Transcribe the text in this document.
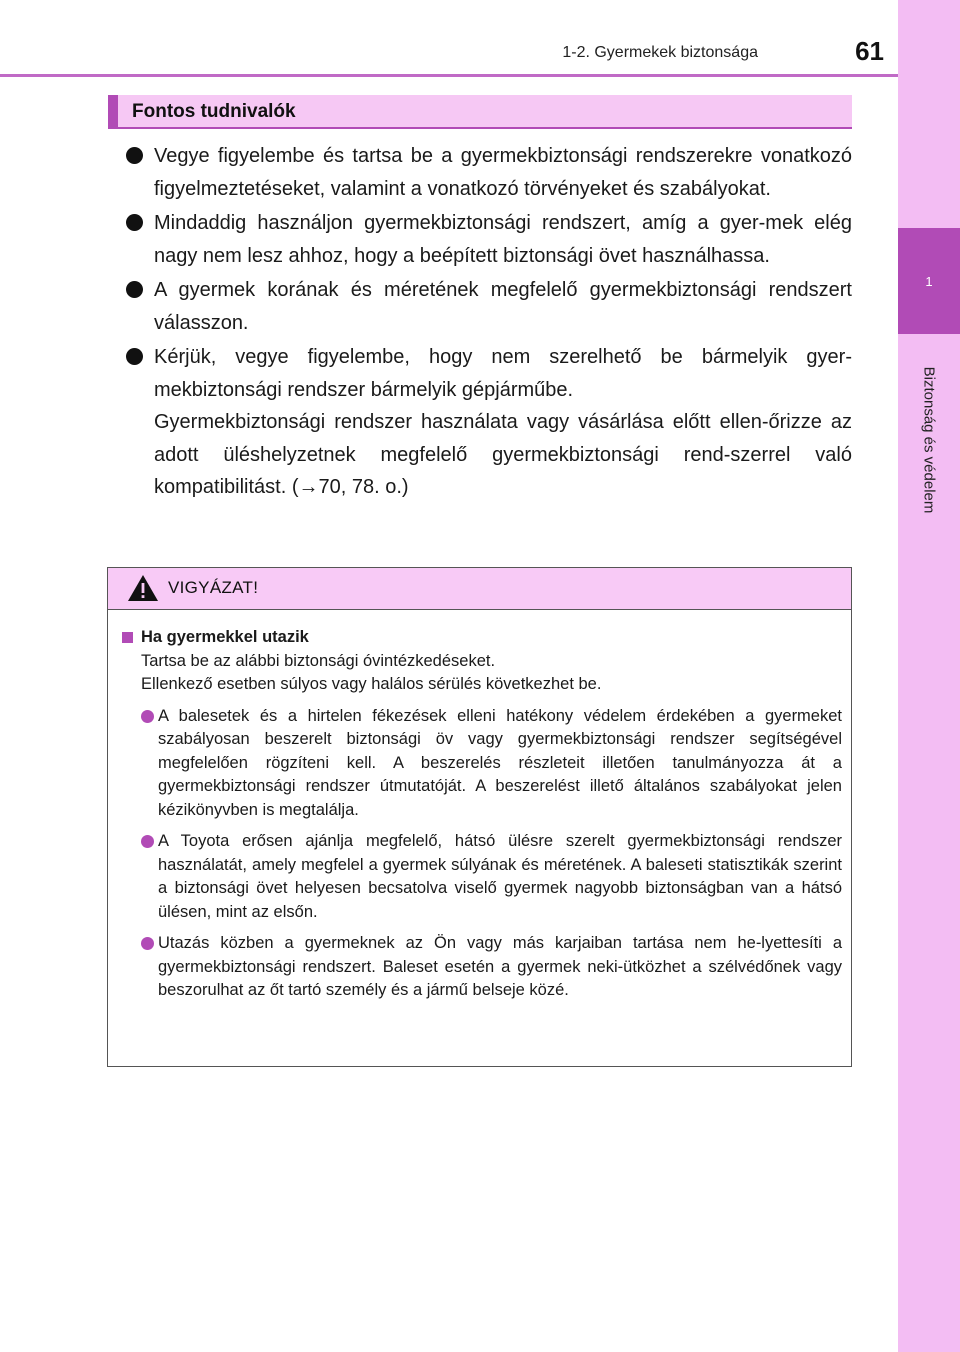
1
Biztonság és védelem
1-2. Gyermekek biztonsága	61
Fontos tudnivalók
Vegye figyelembe és tartsa be a gyermekbiztonsági rendszerekre vonatkozó figyelmeztetéseket, valamint a vonatkozó törvényeket és szabályokat.
Mindaddig használjon gyermekbiztonsági rendszert, amíg a gyer-mek elég nagy nem lesz ahhoz, hogy a beépített biztonsági övet használhassa.
A gyermek korának és méretének megfelelő gyermekbiztonsági rendszert válasszon.
Kérjük, vegye figyelembe, hogy nem szerelhető be bármelyik gyer-mekbiztonsági rendszer bármelyik gépjárműbe.
Gyermekbiztonsági rendszer használata vagy vásárlása előtt ellen-őrizze az adott üléshelyzetnek megfelelő gyermekbiztonsági rend-szerrel való kompatibilitást. (→70, 78. o.)
VIGYÁZAT!
Ha gyermekkel utazik
Tartsa be az alábbi biztonsági óvintézkedéseket.
Ellenkező esetben súlyos vagy halálos sérülés következhet be.
A balesetek és a hirtelen fékezések elleni hatékony védelem érdekében a gyermeket szabályosan beszerelt biztonsági öv vagy gyermekbiztonsági rendszer segítségével megfelelően rögzíteni kell. A beszerelés részleteit illetően tanulmányozza át a gyermekbiztonsági rendszer útmutatóját. A beszerelést illető általános szabályokat jelen kézikönyvben is megtalálja.
A Toyota erősen ajánlja megfelelő, hátsó ülésre szerelt gyermekbiztonsági rendszer használatát, amely megfelel a gyermek súlyának és méretének. A baleseti statisztikák szerint a biztonsági övet helyesen becsatolva viselő gyermek nagyobb biztonságban van a hátsó ülésen, mint az elsőn.
Utazás közben a gyermeknek az Ön vagy más karjaiban tartása nem he-lyettesíti a gyermekbiztonsági rendszert. Baleset esetén a gyermek neki-ütközhet a szélvédőnek vagy beszorulhat az őt tartó személy és a jármű belseje közé.
